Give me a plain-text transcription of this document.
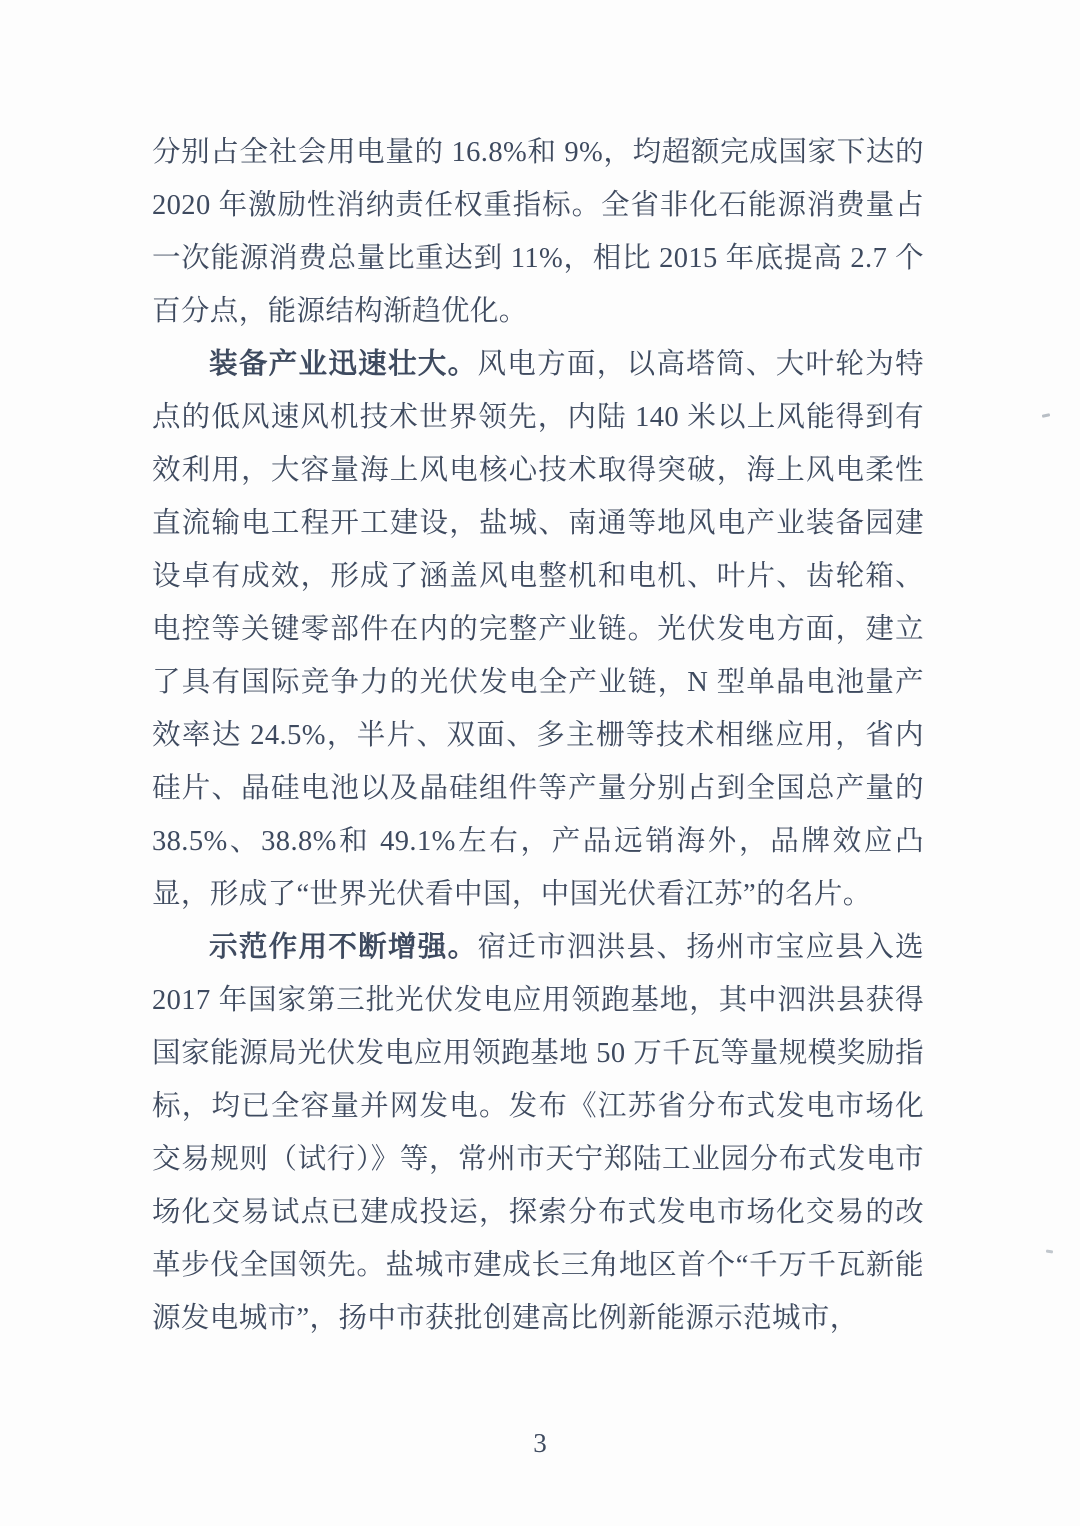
分别占全社会用电量的 16.8%和 9%，均超额完成国家下达的 2020 年激励性消纳责任权重指标。全省非化石能源消费量占一次能源消费总量比重达到 11%，相比 2015 年底提高 2.7 个百分点，能源结构渐趋优化。

装备产业迅速壮大。风电方面，以高塔筒、大叶轮为特点的低风速风机技术世界领先，内陆 140 米以上风能得到有效利用，大容量海上风电核心技术取得突破，海上风电柔性直流输电工程开工建设，盐城、南通等地风电产业装备园建设卓有成效，形成了涵盖风电整机和电机、叶片、齿轮箱、电控等关键零部件在内的完整产业链。光伏发电方面，建立了具有国际竞争力的光伏发电全产业链，N 型单晶电池量产效率达 24.5%，半片、双面、多主栅等技术相继应用，省内硅片、晶硅电池以及晶硅组件等产量分别占到全国总产量的 38.5%、38.8%和 49.1%左右，产品远销海外，品牌效应凸显，形成了“世界光伏看中国，中国光伏看江苏”的名片。

示范作用不断增强。宿迁市泗洪县、扬州市宝应县入选 2017 年国家第三批光伏发电应用领跑基地，其中泗洪县获得国家能源局光伏发电应用领跑基地 50 万千瓦等量规模奖励指标，均已全容量并网发电。发布《江苏省分布式发电市场化交易规则（试行）》等，常州市天宁郑陆工业园分布式发电市场化交易试点已建成投运，探索分布式发电市场化交易的改革步伐全国领先。盐城市建成长三角地区首个“千万千瓦新能源发电城市”，扬中市获批创建高比例新能源示范城市，

3
